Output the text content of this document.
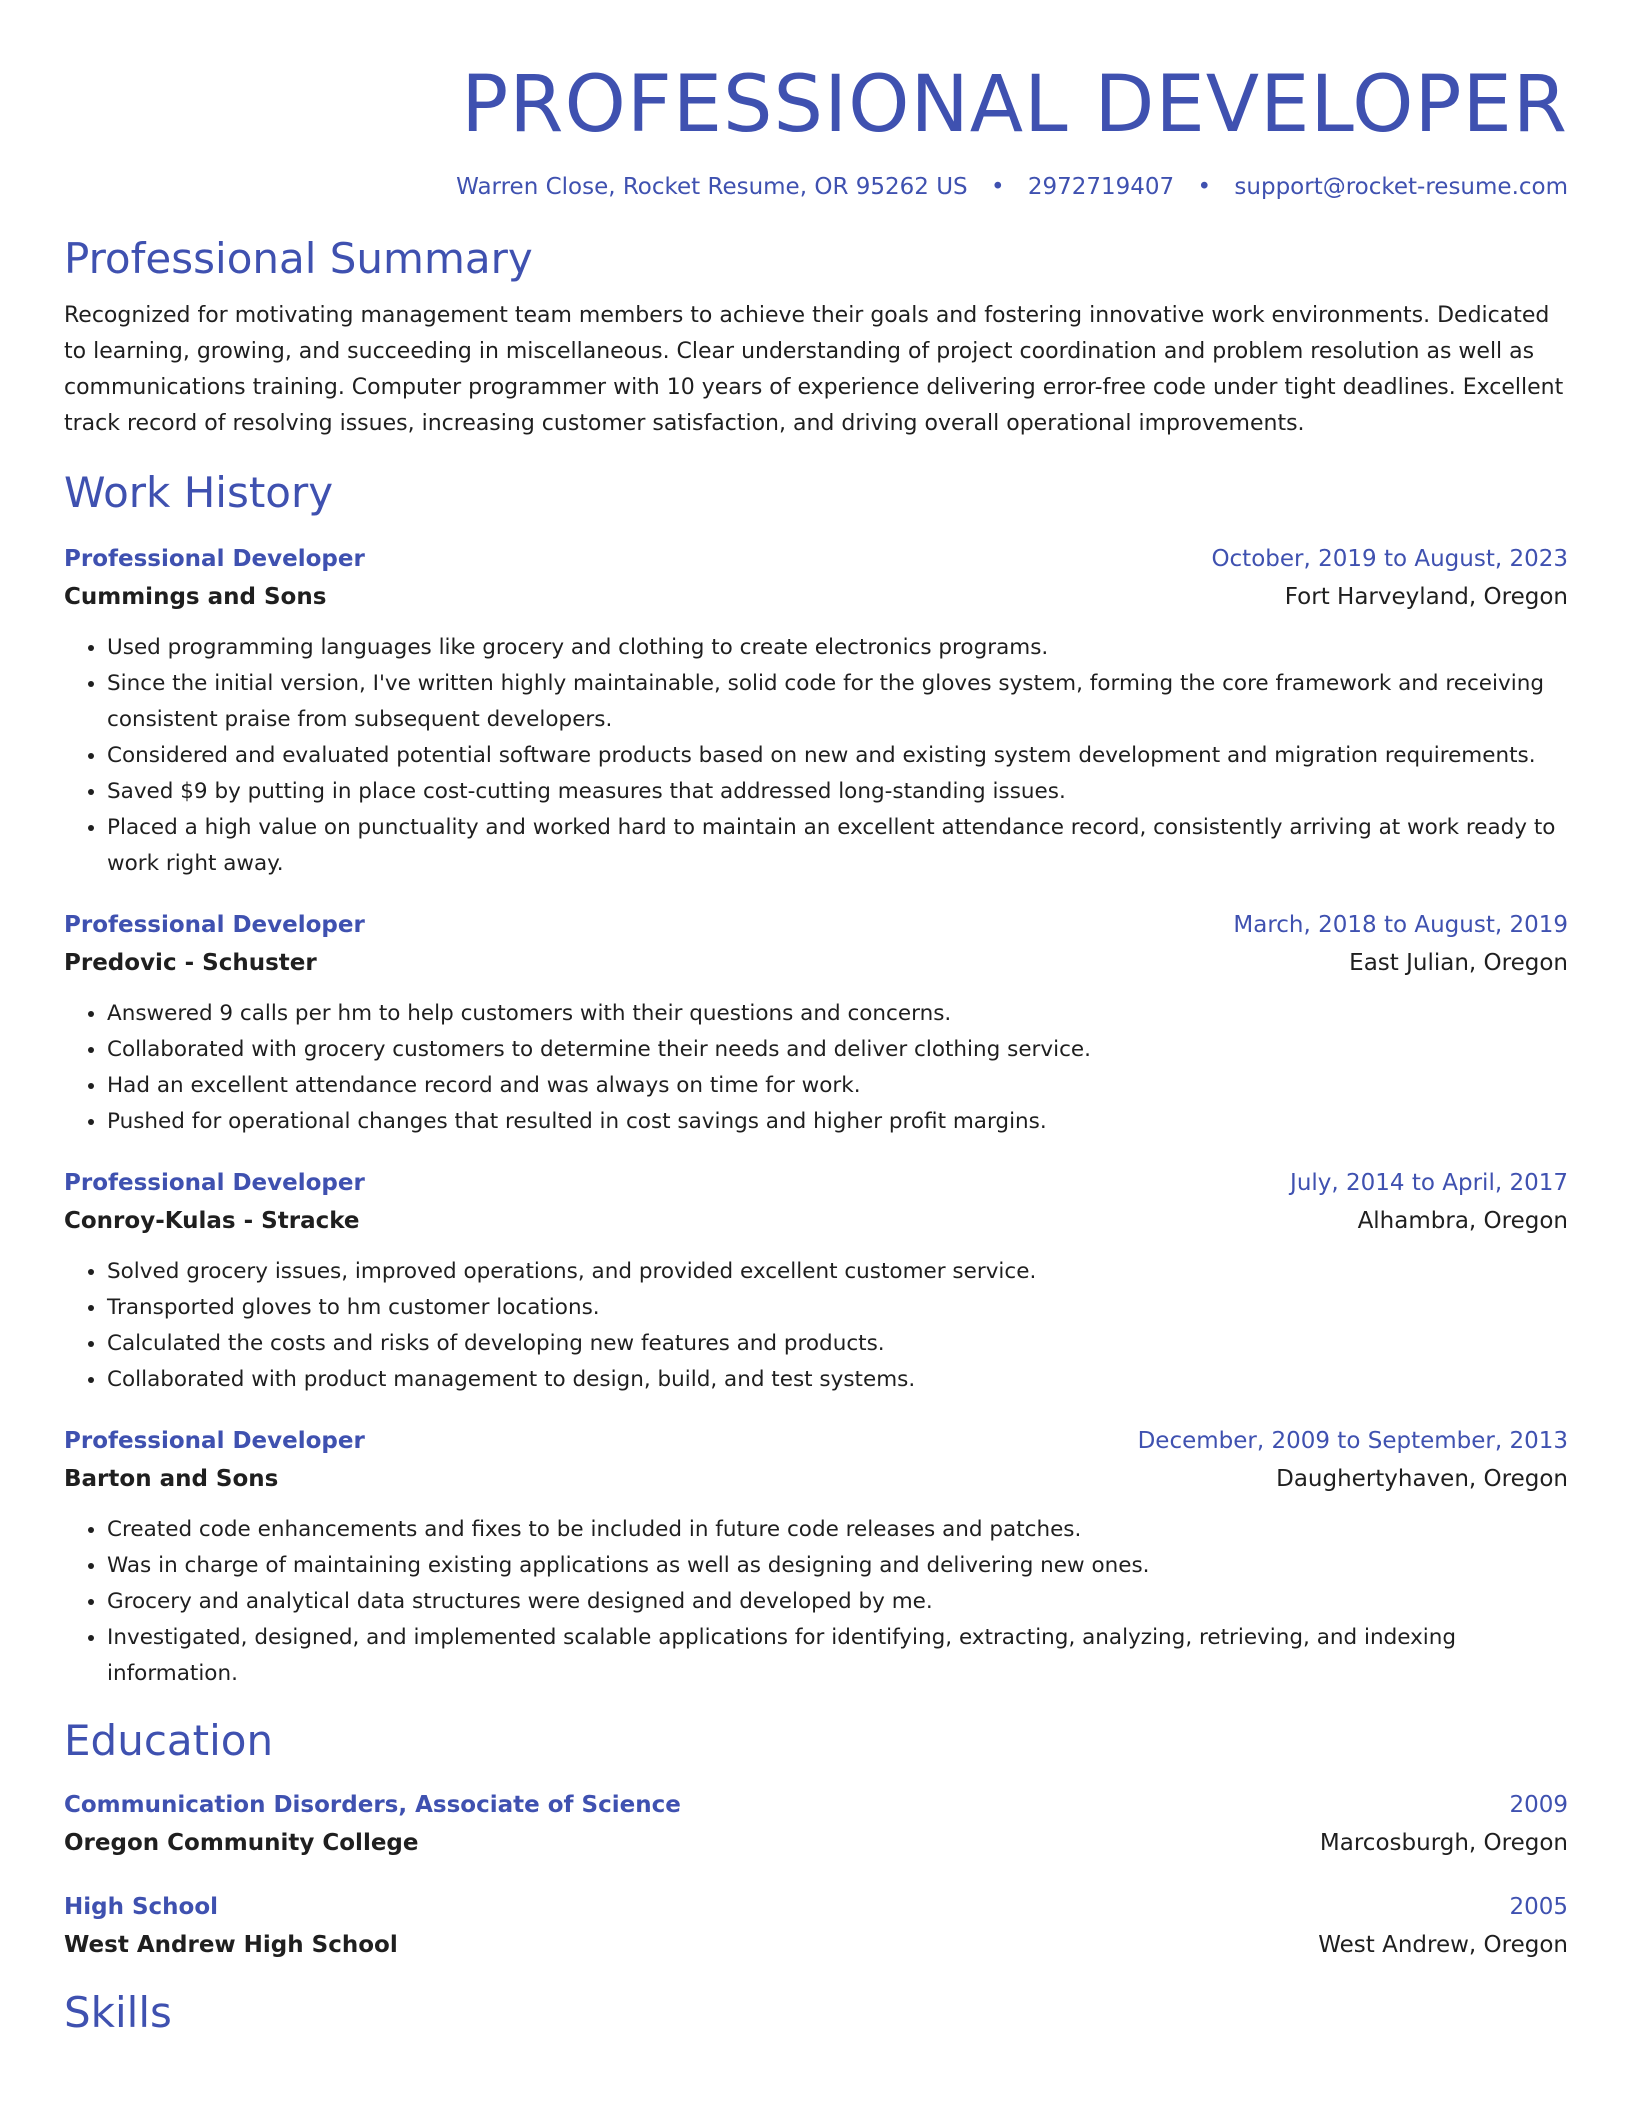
PROFESSIONAL DEVELOPER
Warren Close, Rocket Resume, OR 95262 US • 2972719407 • support@rocket-resume.com
Professional Summary
Recognized for motivating management team members to achieve their goals and fostering innovative work environments. Dedicated to learning, growing, and succeeding in miscellaneous. Clear understanding of project coordination and problem resolution as well as communications training. Computer programmer with 10 years of experience delivering error-free code under tight deadlines. Excellent track record of resolving issues, increasing customer satisfaction, and driving overall operational improvements.
Work History
Professional Developer	October, 2019 to August, 2023
Cummings and Sons	Fort Harveyland, Oregon
• Used programming languages like grocery and clothing to create electronics programs.
• Since the initial version, I've written highly maintainable, solid code for the gloves system, forming the core framework and receiving consistent praise from subsequent developers.
• Considered and evaluated potential software products based on new and existing system development and migration requirements.
• Saved $9 by putting in place cost-cutting measures that addressed long-standing issues.
• Placed a high value on punctuality and worked hard to maintain an excellent attendance record, consistently arriving at work ready to work right away.
Professional Developer	March, 2018 to August, 2019
Predovic - Schuster	East Julian, Oregon
• Answered 9 calls per hm to help customers with their questions and concerns.
• Collaborated with grocery customers to determine their needs and deliver clothing service.
• Had an excellent attendance record and was always on time for work.
• Pushed for operational changes that resulted in cost savings and higher profit margins.
Professional Developer	July, 2014 to April, 2017
Conroy-Kulas - Stracke	Alhambra, Oregon
• Solved grocery issues, improved operations, and provided excellent customer service.
• Transported gloves to hm customer locations.
• Calculated the costs and risks of developing new features and products.
• Collaborated with product management to design, build, and test systems.
Professional Developer	December, 2009 to September, 2013
Barton and Sons	Daughertyhaven, Oregon
• Created code enhancements and fixes to be included in future code releases and patches.
• Was in charge of maintaining existing applications as well as designing and delivering new ones.
• Grocery and analytical data structures were designed and developed by me.
• Investigated, designed, and implemented scalable applications for identifying, extracting, analyzing, retrieving, and indexing information.
Education
Communication Disorders, Associate of Science	2009
Oregon Community College	Marcosburgh, Oregon
High School	2005
West Andrew High School	West Andrew, Oregon
Skills
